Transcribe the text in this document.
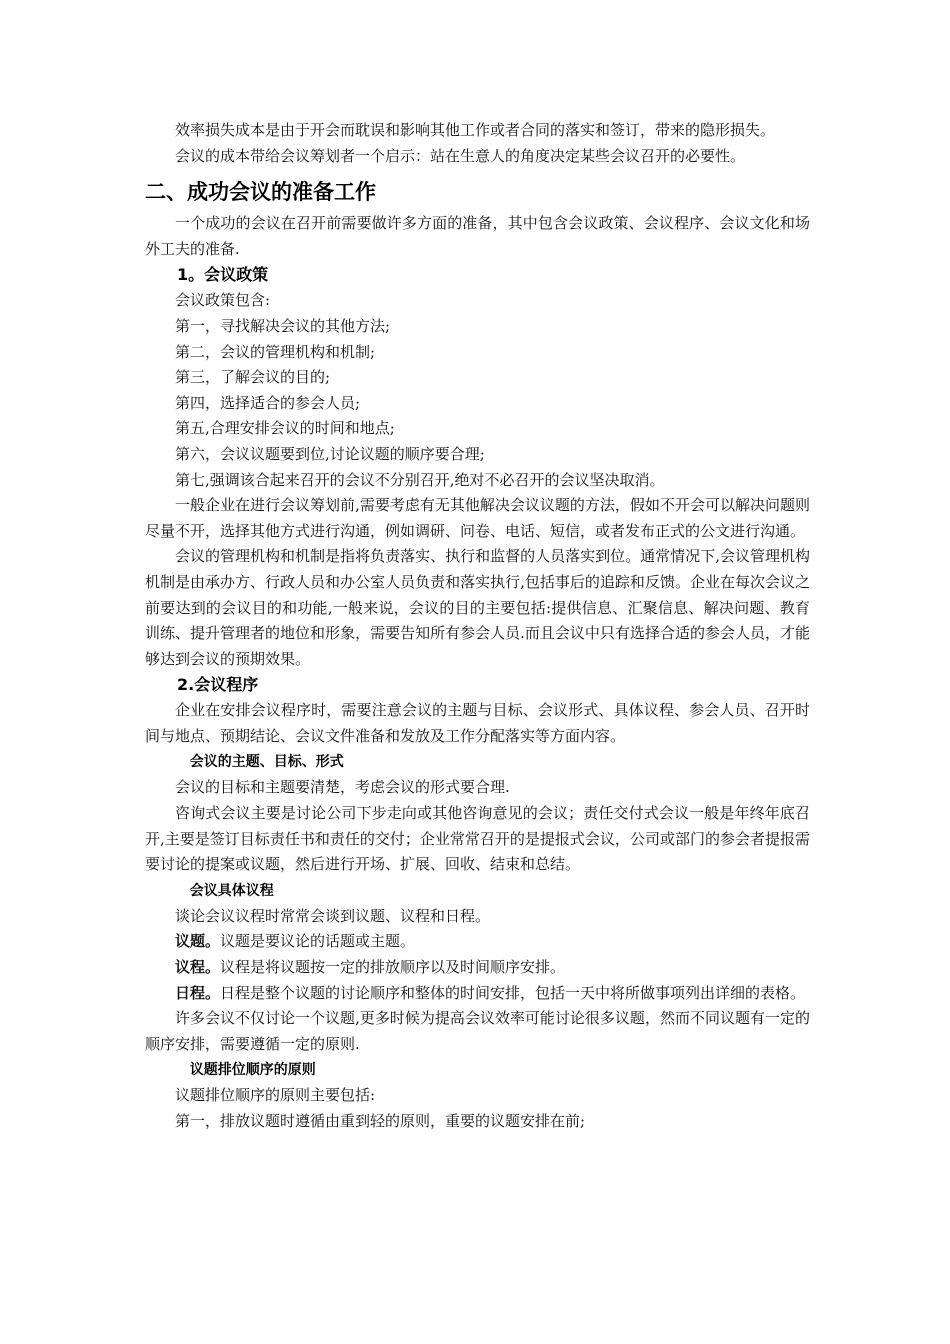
效率损失成本是由于开会而耽误和影响其他工作或者合同的落实和签订，带来的隐形损失。

会议的成本带给会议筹划者一个启示：站在生意人的角度决定某些会议召开的必要性。

二、成功会议的准备工作

一个成功的会议在召开前需要做许多方面的准备，其中包含会议政策、会议程序、会议文化和场外工夫的准备.

1。会议政策

会议政策包含:

第一，寻找解决会议的其他方法;

第二，会议的管理机构和机制;

第三，了解会议的目的;

第四，选择适合的参会人员;

第五,合理安排会议的时间和地点;

第六，会议议题要到位,讨论议题的顺序要合理;

第七,强调该合起来召开的会议不分别召开,绝对不必召开的会议坚决取消。

一般企业在进行会议筹划前,需要考虑有无其他解决会议议题的方法，假如不开会可以解决问题则尽量不开，选择其他方式进行沟通，例如调研、问卷、电话、短信，或者发布正式的公文进行沟通。

会议的管理机构和机制是指将负责落实、执行和监督的人员落实到位。通常情况下,会议管理机构机制是由承办方、行政人员和办公室人员负责和落实执行,包括事后的追踪和反馈。企业在每次会议之前要达到的会议目的和功能,一般来说，会议的目的主要包括:提供信息、汇聚信息、解决问题、教育训练、提升管理者的地位和形象，需要告知所有参会人员.而且会议中只有选择合适的参会人员，才能够达到会议的预期效果。

2.会议程序

企业在安排会议程序时，需要注意会议的主题与目标、会议形式、具体议程、参会人员、召开时间与地点、预期结论、会议文件准备和发放及工作分配落实等方面内容。

会议的主题、目标、形式

会议的目标和主题要清楚，考虑会议的形式要合理.

咨询式会议主要是讨论公司下步走向或其他咨询意见的会议；责任交付式会议一般是年终年底召开,主要是签订目标责任书和责任的交付；企业常常召开的是提报式会议，公司或部门的参会者提报需要讨论的提案或议题，然后进行开场、扩展、回收、结束和总结。

会议具体议程

谈论会议议程时常常会谈到议题、议程和日程。

议题。议题是要议论的话题或主题。

议程。议程是将议题按一定的排放顺序以及时间顺序安排。

日程。日程是整个议题的讨论顺序和整体的时间安排，包括一天中将所做事项列出详细的表格。

许多会议不仅讨论一个议题,更多时候为提高会议效率可能讨论很多议题，然而不同议题有一定的顺序安排，需要遵循一定的原则.

议题排位顺序的原则

议题排位顺序的原则主要包括:

第一，排放议题时遵循由重到轻的原则，重要的议题安排在前;
